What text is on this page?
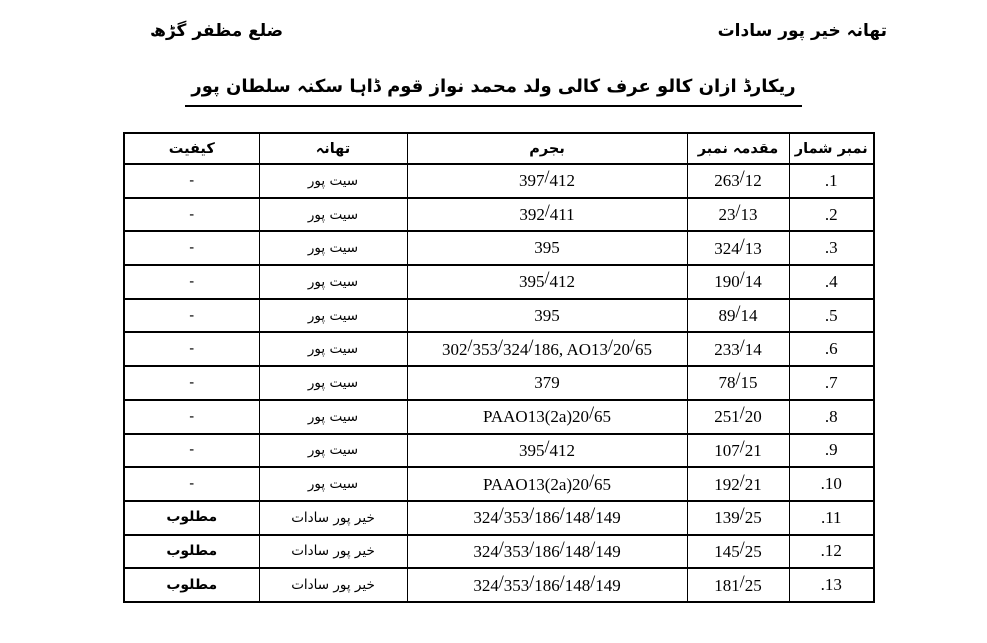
ضلع مظفر گڑھ	تھانہ خیر پور سادات
ریکارڈ ازان کالو عرف کالی ولد محمد نواز قوم ڈاہا سکنہ سلطان پور
نمبر شمار	مقدمہ نمبر	بجرم	تھانہ	کیفیت
1.	263/12	397/412	سیت پور	-
2.	23/13	392/411	سیت پور	-
3.	324/13	395	سیت پور	-
4.	190/14	395/412	سیت پور	-
5.	89/14	395	سیت پور	-
6.	233/14	302/353/324/186, AO13/20/65	سیت پور	-
7.	78/15	379	سیت پور	-
8.	251/20	PAAO13(2a)20/65	سیت پور	-
9.	107/21	395/412	سیت پور	-
10.	192/21	PAAO13(2a)20/65	سیت پور	-
11.	139/25	324/353/186/148/149	خیر پور سادات	مطلوب
12.	145/25	324/353/186/148/149	خیر پور سادات	مطلوب
13.	181/25	324/353/186/148/149	خیر پور سادات	مطلوب
